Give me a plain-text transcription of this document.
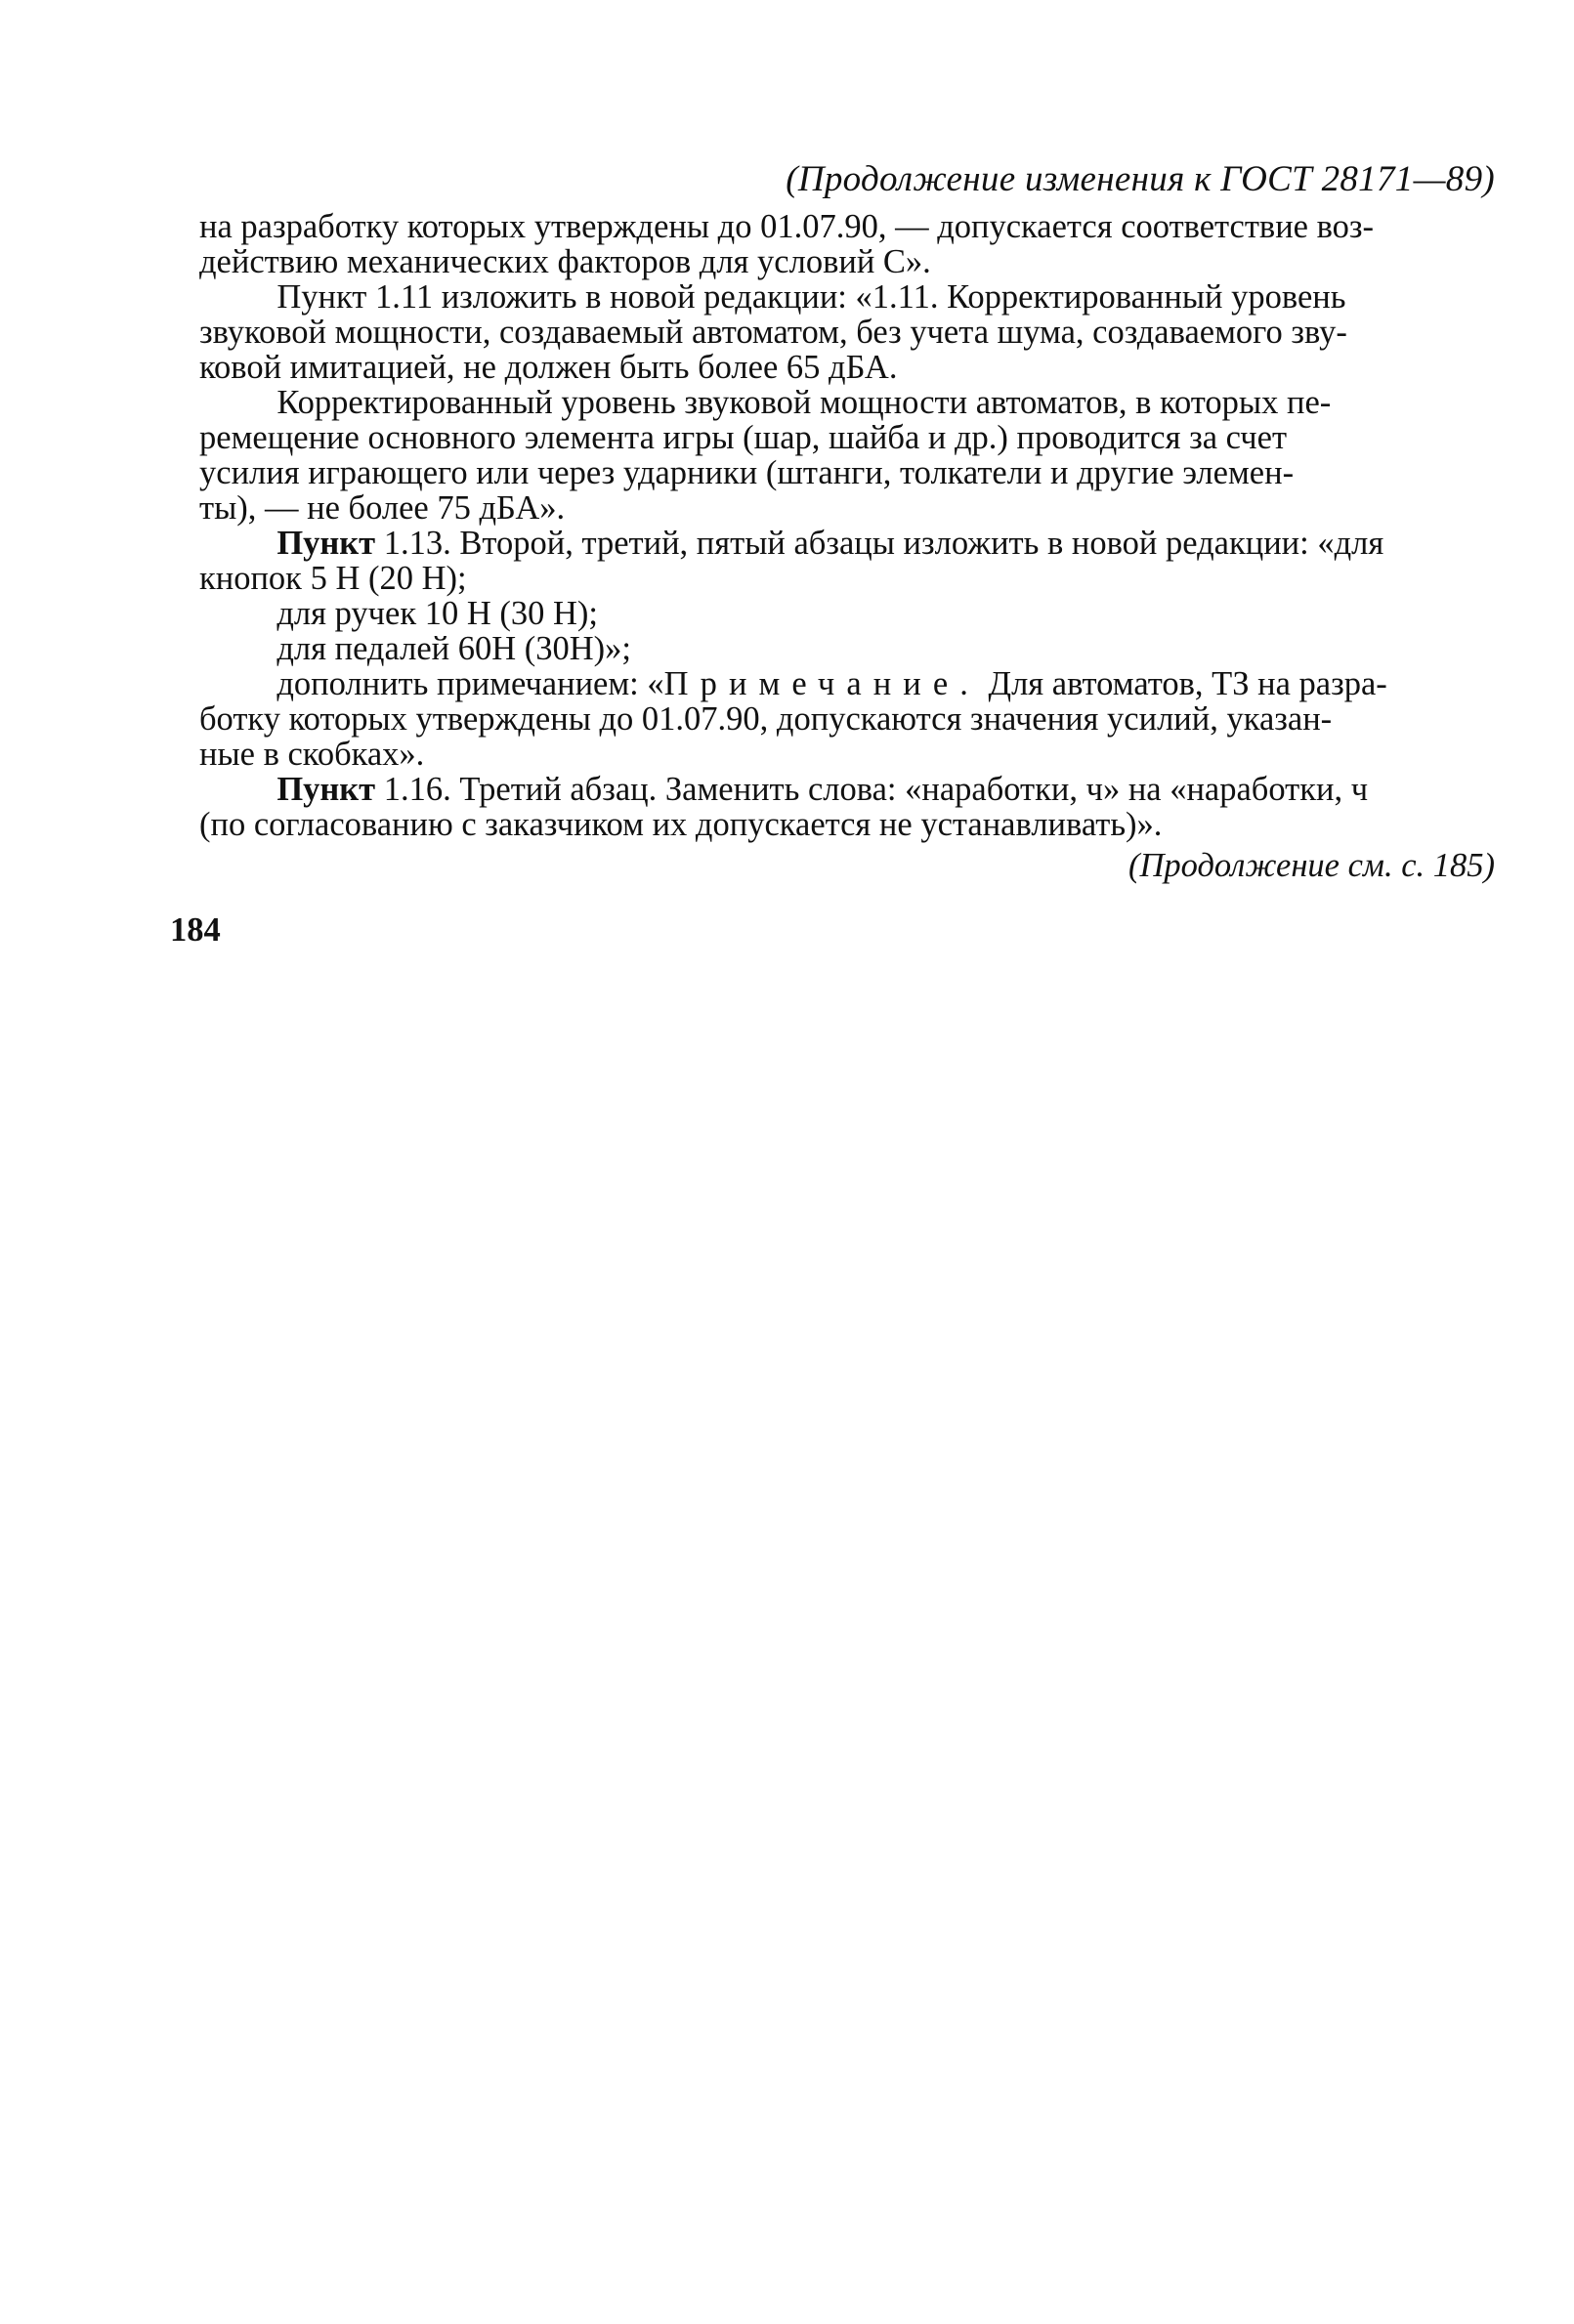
(Продолжение изменения к ГОСТ 28171—89)

на разработку которых утверждены до 01.07.90, — допускается соответствие воз-
действию механических факторов для условий С».
Пункт 1.11 изложить в новой редакции: «1.11. Корректированный уровень
звуковой мощности, создаваемый автоматом, без учета шума, создаваемого зву-
ковой имитацией, не должен быть более 65 дБА.
Корректированный уровень звуковой мощности автоматов, в которых пе-
ремещение основного элемента игры (шар, шайба и др.) проводится за счет
усилия играющего или через ударники (штанги, толкатели и другие элемен-
ты), — не более 75 дБА».
Пункт 1.13. Второй, третий, пятый абзацы изложить в новой редакции: «для
кнопок 5 Н (20 Н);
для ручек 10 Н (30 Н);
для педалей 60Н (30Н)»;
дополнить примечанием: «Примечание. Для автоматов, ТЗ на разра-
ботку которых утверждены до 01.07.90, допускаются значения усилий, указан-
ные в скобках».
Пункт 1.16. Третий абзац. Заменить слова: «наработки, ч» на «наработки, ч
(по согласованию с заказчиком их допускается не устанавливать)».

(Продолжение см. с. 185)

184
